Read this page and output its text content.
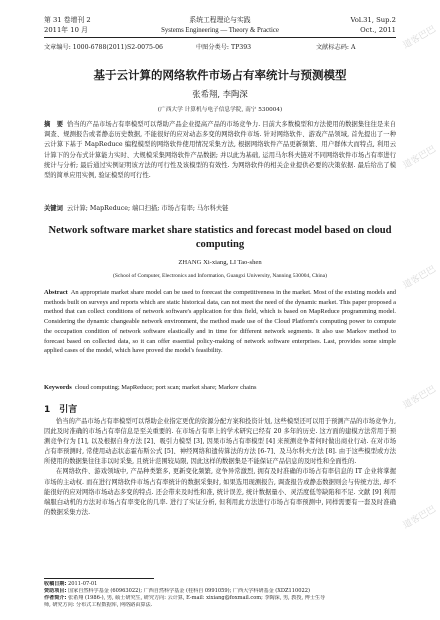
第 31 卷增刊 2	系统工程理论与实践	Vol.31, Sup.2
2011年 10 月	Systems Engineering — Theory & Practice	Oct., 2011
文章编号: 1000-6788(2011)S2-0075-06	中图分类号: TP393	文献标志码: A
基于云计算的网络软件市场占有率统计与预测模型
张希翔, 李陶深
(广西大学 计算机与电子信息学院, 南宁 530004)

摘　要 恰当的产品市场占有率模型可以帮助产品企业提高产品的市场竞争力. 目前大多数模型和方法使用的数据集往往是来自调查、规测报告或者静态历史数据, 不能很好的应对动态多变的网络软件市场. 针对网络软件、游戏产品领域, 首先提出了一种云计算下基于 MapReduce 编程模型的网络软件使用情况采集方法, 根据网络软件产品更新频繁、用户群体大而特点, 利用云计算下的分布式计算能力实时、大规模采集网络软件产品数据; 并以此为基础, 运用马尔科夫链对不同网络软件市场占有率进行统计与分析; 最后通过实例证明该方法的可行性及该模型的有效性. 为网络软件的相关企业提供必要的决策依据. 最后给出了模型的简单应用实例, 验证模型的可行性.

关键词 云计算; MapReduce; 端口扫描; 市场占有率; 马尔科夫链
Network software market share statistics and forecast model based on cloud computing
ZHANG Xi-xiang, LI Tao-shen
(School of Computer, Electronics and Information, Guangxi University, Nanning 530004, China)

Abstract An appropriate market share model can be used to forecast the competitiveness in the market. Most of the existing models and methods built on surveys and reports which are static historical data, can not meet the need of the dynamic market. This paper proposed a method that can collect conditions of network software's application for this field, which is based on MapReduce programming model. Considering the dynamic changeable network environment, the method made use of the Cloud Platform's computing power to compute the occupation condition of network software elastically and in time for different network segments. It also use Markov method to forecast based on collected data, so it can offer essential policy-making of network software enterprises. Last, provides some simple applied cases of the model, which have proved the model's feasibility.

Keywords cloud computing; MapReduce; port scan; market share; Markov chains
1　引言

恰当的产品市场占有率模型可以帮助企业指定更优的资源分配方案和投资计划, 这些模型还可以用于预测产品的市场竞争力, 因此及时准确的市场占有率信息是至关重要的. 在市场占有率上的学术研究已经有 20 多年的历史. 这方面的建模方法常用于预测竞争行为 [1], 以及根据自身方法 [2]、吸引力模型 [3], 因果市场占有率模型 [4] 来预测竞争者何时做出商业行动. 在对市场占有率预测时, 常使用动态状态霍布斯公式 [5]、神经网络和遗传算法的方法 [6-7]、及马尔科夫方法 [8]. 由于这些模型或方法所使用的数据集往往非以时采集, 且统计范围较局限, 因此这样的数据集是不能保证产品信息的及时性和全面性的.

在网络软件、游戏领域中, 产品种类繁多, 更新变化频繁, 竞争异常激烈, 拥有及时准确的市场占有率信息的 IT 企业将掌握市场的主动权. 而在进行网络软件市场占有率统计的数据采集时, 如果选用现测报告, 调查报告或静态数据则会与传统方法, 却不能很好的应对网络市场动态多变的特点. 还会带来及时性和准, 统计误差, 统计数据量小、灵活度低等缺陷和不足. 文献 [9] 利用端服白动机的方法对市场占有率变化的几率. 进行了实证分析, 但利用此方法进行市场占有率预测中, 同样需要有一套及时准确的数据采集方法.

收稿日期: 2011-07-01
资助项目: 国家自然科学基金 (60963022); 广西自然科学基金 (桂科自 0991059); 广西大学科研基金 (XDZ110022)
作者简介: 张希翔 (1986-), 男, 硕士研究生, 研究方向: 云计算, E-mail: xixiang@foxmail.com; 李陶深, 男, 教授, 博士生导
师, 研究方向: 分布式工程数据库, 网络路由算法.
道客巴巴
道客巴巴
道客巴巴
道客巴巴
道客巴巴
